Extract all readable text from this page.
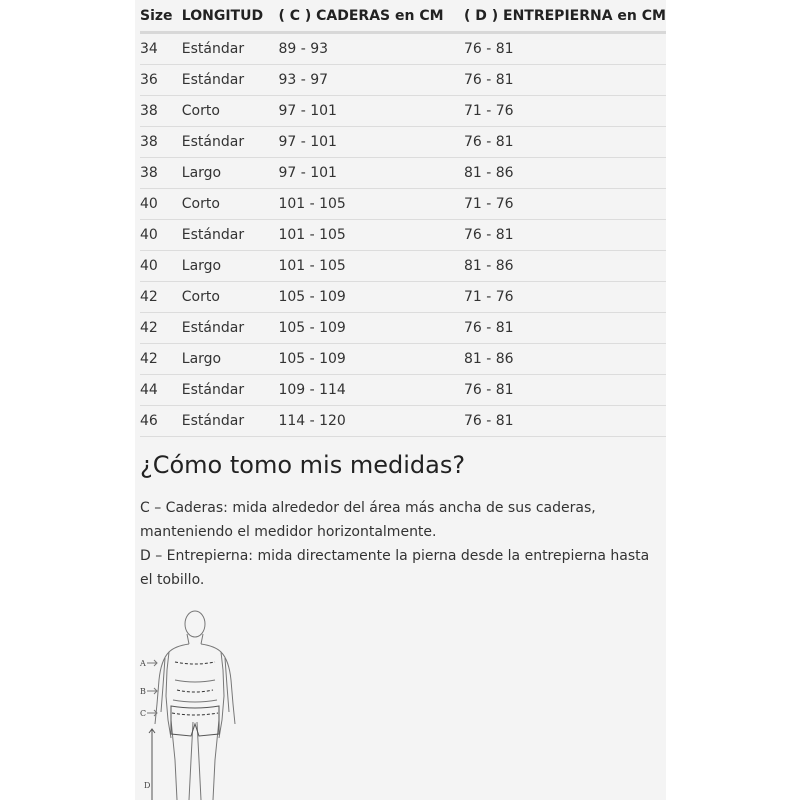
Size	LONGITUD	( C ) CADERAS en CM	( D ) ENTREPIERNA en CM
34	Estándar	89 - 93	76 - 81
36	Estándar	93 - 97	76 - 81
38	Corto	97 - 101	71 - 76
38	Estándar	97 - 101	76 - 81
38	Largo	97 - 101	81 - 86
40	Corto	101 - 105	71 - 76
40	Estándar	101 - 105	76 - 81
40	Largo	101 - 105	81 - 86
42	Corto	105 - 109	71 - 76
42	Estándar	105 - 109	76 - 81
42	Largo	105 - 109	81 - 86
44	Estándar	109 - 114	76 - 81
46	Estándar	114 - 120	76 - 81
¿Cómo tomo mis medidas?

C – Caderas: mida alrededor del área más ancha de sus caderas, manteniendo el medidor horizontalmente.

D – Entrepierna: mida directamente la pierna desde la entrepierna hasta el tobillo.

A
B
C
D
